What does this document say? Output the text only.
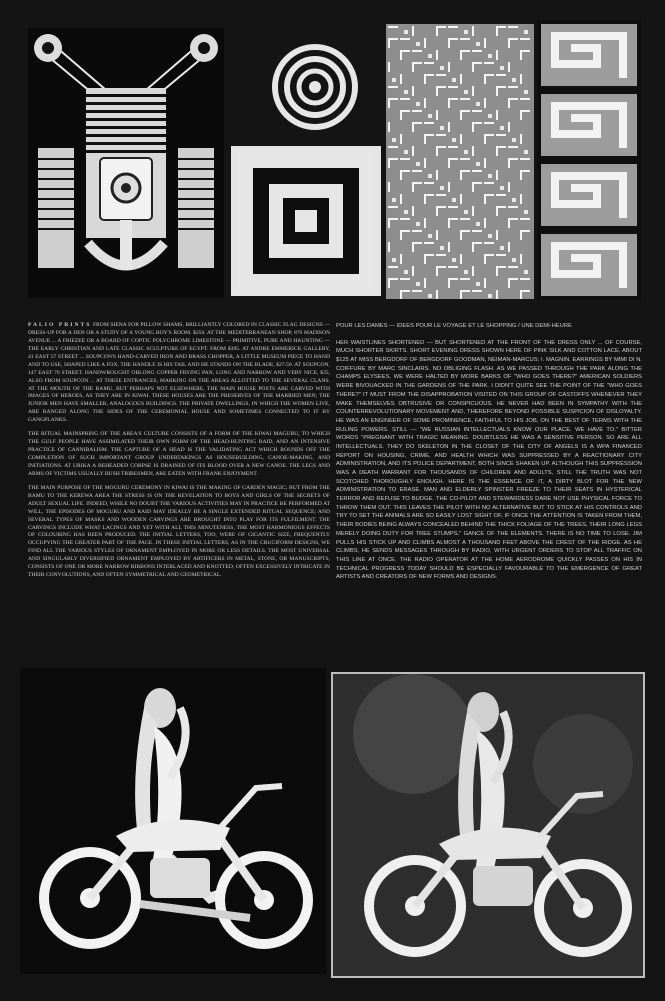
PALIO PRINTS FROM SIENA FOR PILLOW SHAMS, BRILLIANTLY COLORED IN CLASSIC FLAG DESIGNS — DRESS-UP FOR A DEN OR A STUDY OF A YOUNG BOY'S ROOM. $250. AT THE MEDITERRANEAN SHOP, 876 MADISON AVENUE ... A FRIEZEE OR A BOARD OF COPTIC POLYCHROME LIMESTONE — PRIMITIVE, PURE AND HAUNTING — THE EARLY CHRISTIAN AND LATE CLASSIC SCULPTURE OF EGYPT. FROM $395. AT ANDRE EMMERICK GALLERY, 41 EAST 57 STREET ... SOUPCON'S HAND-CARVED IRON AND BRASS CHOPPER, A LITTLE MUSEUM PIECE TO HAND AND TO USE, SHAPED LIKE A FOX. THE HANDLE IS HIS TAIL AND HE STANDS ON THE BLADE, $27.50. AT SOUPCON, 147 EAST 70 STREET. HANDWROUGHT OBLONG COPPER FRYING PAN, LONG AND NARROW AND VERY NICE, $35, ALSO FROM SOUPCON ... AT THESE ENTRANCES, MARKING ON THE AREAS ALLOTTED TO THE SEVERAL CLANS. AT THE MOUTH OF THE BAMU, BUT PERHAPS NOT ELSEWHERE, THE MAIN HOUSE POSTS ARE CARVED WITH IMAGES OF HEROES, AS THEY ARE IN KIWAI. THESE HOUSES ARE THE PRESERVES OF THE MARRIED MEN; THE JUNIOR MEN HAVE SMALLER, ANALOGOUS BUILDINGS. THE PRIVATE DWELLINGS, IN WHICH THE WOMEN LIVE, ARE RANGED ALONG THE SIDES OF THE CEREMONIAL HOUSE AND SOMETIMES CONNECTED TO IT BY GANGPLANKS.

THE RITUAL MAINSPRING OF THE AREA'S CULTURE CONSISTS OF A FORM OF THE KIWAI MAGURU, TO WHICH THE GULF PEOPLE HAVE ASSIMILATED THEIR OWN FORM OF THE HEAD-HUNTING RAID, AND AN INTENSIVE PRACTICE OF CANNIBALISM. THE CAPTURE OF A HEAD IS THE VALIDATING ACT WHICH ROUNDS OFF THE COMPLETION OF SUCH IMPORTANT GROUP UNDERTAKINGS AS HOUSEBUILDING, CANOE-MAKING, AND INITIATIONS. AT URIKA A BEHEADED CORPSE IS DRAINED OF ITS BLOOD OVER A NEW CANOE. THE LEGS AND ARMS OF VICTIMS USUALLY BUSH TRIBESMEN, ARE EATEN WITH FRANK ENJOYMENT.

THE MAIN PURPOSE OF THE MOGURU CEREMONY IN KIWAI IS THE MAKING OF GARDEN MAGIC; BUT FROM THE BAMU TO THE KEREWA AREA THE STRESS IS ON THE REVELATION TO BOYS AND GIRLS OF THE SECRETS OF ADULT SEXUAL LIFE. INDEED, WHILE NO DOUBT THE VARIOUS ACTIVITIES MAY IN PRACTICE BE PERFORMED AT WILL, THE EPISODES OF MOGURU AND RAID MAY IDEALLY BE A SINGLE EXTENDED RITUAL SEQUENCE; AND SEVERAL TYPES OF MASKS AND WOODEN CARVINGS ARE BROUGHT INTO PLAY FOR ITS FULFILMENT. THE CARVINGS INCLUDE WHAT LACINGS AND YET WITH ALL THIS MINUTENESS, THE MOST HARMONIOUS EFFECTS OF COLOURING HAS BEEN PRODUCED. THE INITIAL LETTERS, TOO, WERE OF GIGANTIC SIZE, FREQUENTLY OCCUPYING THE GREATER PART OF THE PAGE. IN THESE INITIAL LETTERS, AS IN THE CRUCIFORM DESIGNS, WE FIND ALL THE VARIOUS STYLES OF ORNAMENT EMPLOYED IN MORE OR LESS DETAILS. THE MOST UNIVERSAL AND SINGULARLY DIVERSIFIED ORNAMENT EMPLOYED BY ARTIFICERS IN METAL, STONE, OR MANUSCRIPTS, CONSISTS OF ONE OR MORE NARROW RIBBONS INTERLACED AND KNOTTED, OFTEN EXCESSIVELY INTRICATE IN THEIR CONVOLUTIONS, AND OFTEN SYMMETRICAL AND GEOMETRICAL.

POUR LES DAMES — IDEES POUR LE VOYAGE ET LE SHOPPING / UNE DEMI-HEURE

HER WAISTLINES SHORTENED — BUT SHORTENED AT THE FRONT OF THE DRESS ONLY ... OF COURSE, MUCH SHORTER SKIRTS. SHORT EVENING DRESS SHOWN HERE OF PINK SILK AND COTTON LACE, ABOUT $125 AT MISS BERGDORF OF BERGDORF GOODMAN, NEIMAN-MARCUS; I. MAGNIN. EARRINGS BY MIMI DI N. COIFFURE BY MARC SINCLAIRS. NO OBLIGING FLASH. AS WE PASSED THROUGH THE PARK ALONG THE CHAMPS ELYSEES, WE WERE HALTED BY MORE BARKS OF "WHO GOES THERE?" AMERICAN SOLDIERS WERE BIVOUACKED IN THE GARDENS OF THE PARK. I DIDN'T QUITE SEE THE POINT OF THE "WHO GOES THERE?" IT MUST FROM THE DISAPPROBATION VISITED ON THIS GROUP OF CASTOFFS WHENEVER THEY MAKE THEMSELVES OBTRUSIVE OR CONSPICUOUS. HE NEVER HAD BEEN IN SYMPATHY WITH THE COUNTERREVOLUTIONARY MOVEMENT AND, THEREFORE BEYOND POSSIBLE SUSPICION OF DISLOYALTY. HE WAS AN ENGINEER OF SOME PROMINENCE, FAITHFUL TO HIS JOB, ON THE BEST OF TERMS WITH THE RULING POWERS. STILL — "WE RUSSIAN INTELLECTUALS KNOW OUR PLACE. WE HAVE TO." BITTER WORDS "PREGNANT WITH TRAGIC MEANING. DOUBTLESS HE WAS A SENSITIVE PERSON. SO ARE ALL INTELLECTUALS. THEY DO SKELETON IN THE CLOSET OF THE CITY OF ANGELS IS A WPA FINANCED REPORT ON HOUSING, CRIME, AND HEALTH WHICH WAS SUPPRESSED BY A REACTIONARY CITY ADMINISTRATION, AND ITS POLICE DEPARTMENT, BOTH SINCE SHAKEN UP. ALTHOUGH THIS SUPPRESSION WAS A DEATH WARRANT FOR THOUSANDS OF CHILDREN AND ADULTS, STILL THE TRUTH WAS NOT SCOTCHED THOROUGHLY ENOUGH. HERE IS THE ESSENCE OF IT, A DIRTY BLOT FOR THE NEW ADMINISTRATION TO ERASE. MAN AND ELDERLY SPINSTER FREEZE TO THEIR SEATS IN HYSTERICAL TERROR AND REFUSE TO BUDGE. THE CO-PILOT AND STEWARDESS DARE NOT USE PHYSICAL FORCE TO THROW THEM OUT. THIS LEAVES THE PILOT WITH NO ALTERNATIVE BUT TO STICK AT HIS CONTROLS AND TRY TO SET THE ANIMALS ARE SO EASILY LOST SIGHT OF, IF ONCE THE ATTENTION IS TAKEN FROM THEM, THEIR BODIES BEING ALWAYS CONCEALED BEHIND THE THICK FOLIAGE OF THE TREES, THEIR LONG LEGS MERELY DOING DUTY FOR TREE STUMPS." GANCE OF THE ELEMENTS. THERE IS NO TIME TO LOSE. JIM PULLS HIS STICK UP AND CLIMBS ALMOST A THOUSAND FEET ABOVE THE CREST OF THE RIDGE. AS HE CLIMBS, HE SENDS MESSAGES THROUGH BY RADIO, WITH URGENT ORDERS TO STOP ALL TRAFFIC ON THIS LINE AT ONCE. THE RADIO OPERATOR AT THE HOME AERODROME QUICKLY PASSES ON HIS IN TECHNICAL PROGRESS TODAY SHOULD BE ESPECIALLY FAVOURABLE TO THE EMERGENCE OF GREAT ARTISTS AND CREATORS OF NEW FORMS AND DESIGNS.
